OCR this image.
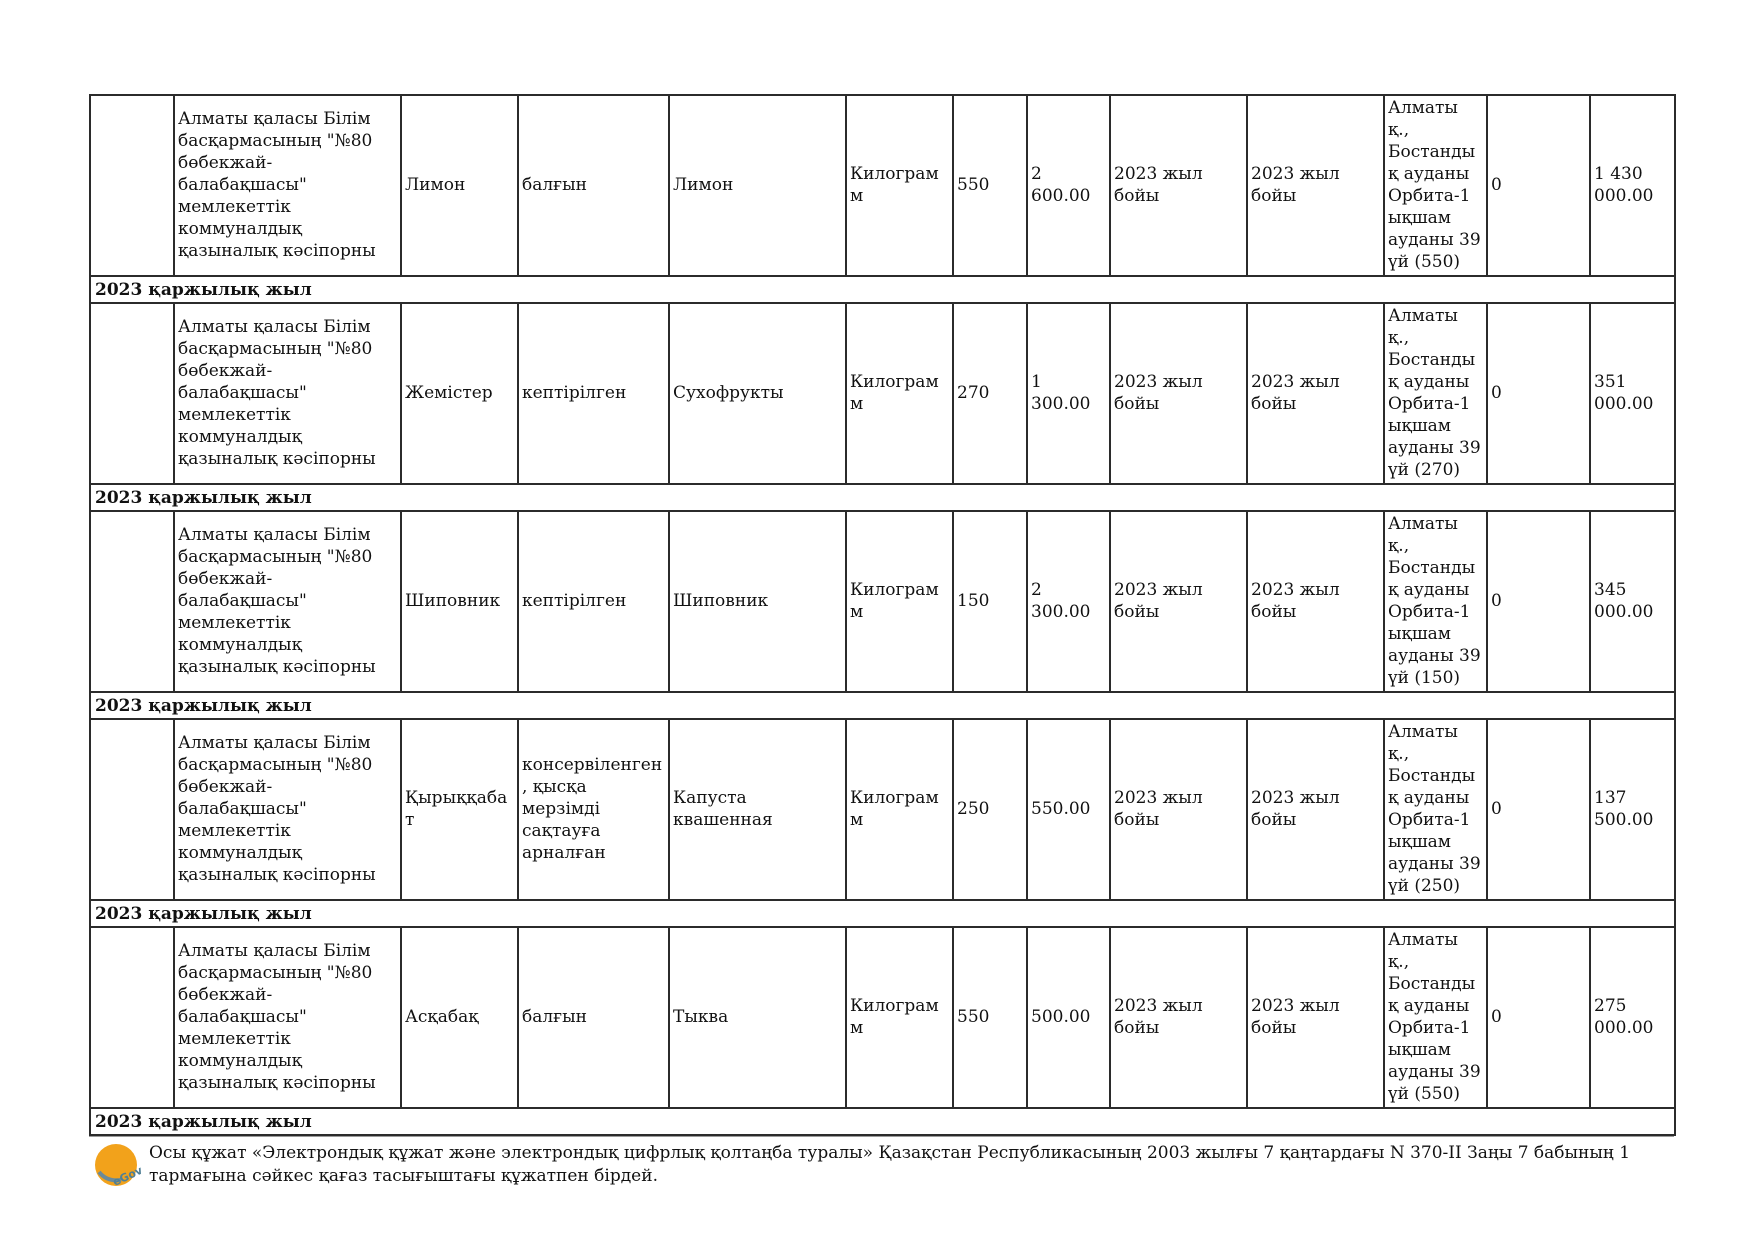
	Алматы қаласы Білім басқармасының "№80 бөбекжай-балабақшасы" мемлекеттік коммуналдық қазыналық кәсіпорны	Лимон	балғын	Лимон	Килограмм	550	2 600.00	2023 жыл бойы	2023 жыл бойы	Алматы қ., Бостандық ауданы Орбита-1 ықшам ауданы 39 үй (550)	0	1 430 000.00
2023 қаржылық жыл												
	Алматы қаласы Білім басқармасының "№80 бөбекжай-балабақшасы" мемлекеттік коммуналдық қазыналық кәсіпорны	Жемістер	кептірілген	Сухофрукты	Килограмм	270	1 300.00	2023 жыл бойы	2023 жыл бойы	Алматы қ., Бостандық ауданы Орбита-1 ықшам ауданы 39 үй (270)	0	351 000.00
2023 қаржылық жыл												
	Алматы қаласы Білім басқармасының "№80 бөбекжай-балабақшасы" мемлекеттік коммуналдық қазыналық кәсіпорны	Шиповник	кептірілген	Шиповник	Килограмм	150	2 300.00	2023 жыл бойы	2023 жыл бойы	Алматы қ., Бостандық ауданы Орбита-1 ықшам ауданы 39 үй (150)	0	345 000.00
2023 қаржылық жыл												
	Алматы қаласы Білім басқармасының "№80 бөбекжай-балабақшасы" мемлекеттік коммуналдық қазыналық кәсіпорны	Қырыққабат	консервіленген, қысқа мерзімді сақтауға арналған	Капуста квашенная	Килограмм	250	550.00	2023 жыл бойы	2023 жыл бойы	Алматы қ., Бостандық ауданы Орбита-1 ықшам ауданы 39 үй (250)	0	137 500.00
2023 қаржылық жыл												
	Алматы қаласы Білім басқармасының "№80 бөбекжай-балабақшасы" мемлекеттік коммуналдық қазыналық кәсіпорны	Асқабақ	балғын	Тыква	Килограмм	550	500.00	2023 жыл бойы	2023 жыл бойы	Алматы қ., Бостандық ауданы Орбита-1 ықшам ауданы 39 үй (550)	0	275 000.00
2023 қаржылық жыл												
eGov
Осы құжат «Электрондық құжат және электрондық цифрлық қолтаңба туралы» Қазақстан Республикасының 2003 жылғы 7 қаңтардағы N 370-II Заңы 7 бабының 1 тармағына сәйкес қағаз тасығыштағы құжатпен бірдей.
